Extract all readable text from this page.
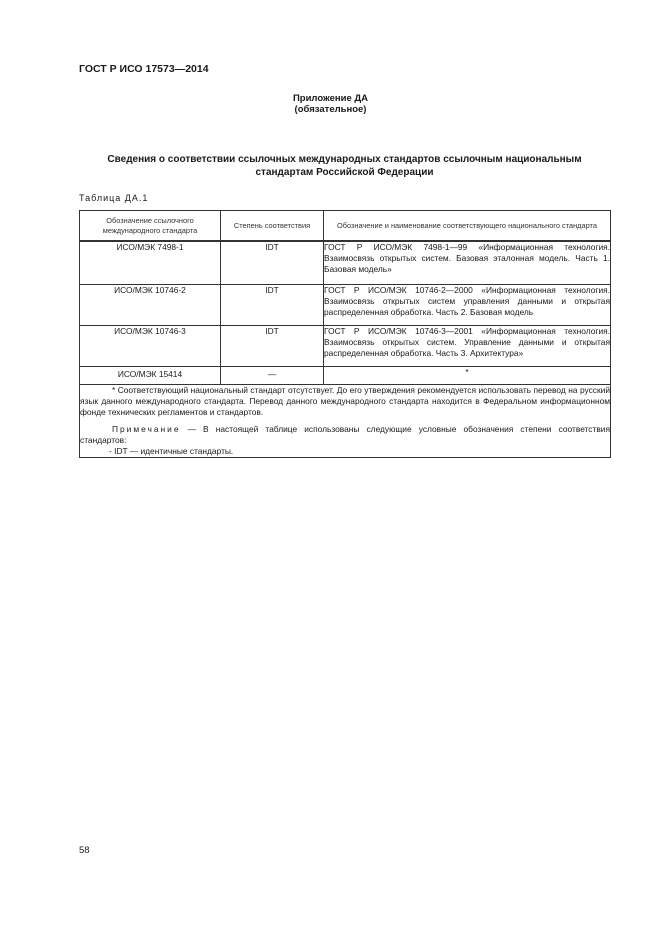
ГОСТ Р ИСО 17573—2014
Приложение ДА
(обязательное)
Сведения о соответствии ссылочных международных стандартов ссылочным национальным стандартам Российской Федерации
Таблица ДА.1
Обозначение ссылочного международного стандарта	Степень соответствия	Обозначение и наименование соответствующего национального стандарта
ИСО/МЭК 7498-1	IDT	ГОСТ Р ИСО/МЭК 7498-1—99 «Информационная технология. Взаимосвязь открытых систем. Базовая эталонная модель. Часть 1. Базовая модель»
ИСО/МЭК 10746-2	IDT	ГОСТ Р ИСО/МЭК 10746-2—2000 «Информационная технология. Взаимосвязь открытых систем управления данными и открытая распределенная обработка. Часть 2. Базовая модель
ИСО/МЭК 10746-3	IDT	ГОСТ Р ИСО/МЭК 10746-3—2001 «Информационная технология. Взаимосвязь открытых систем. Управление данными и открытая распределенная обработка. Часть 3. Архитектура»
ИСО/МЭК 15414	—	*

* Соответствующий национальный стандарт отсутствует. До его утверждения рекомендуется использовать перевод на русский язык данного международного стандарта. Перевод данного международного стандарта находится в Федеральном информационном фонде технических регламентов и стандартов.

Примечание — В настоящей таблице использованы следующие условные обозначения степени соответствия стандартов:

- IDT — идентичные стандарты.		

58
